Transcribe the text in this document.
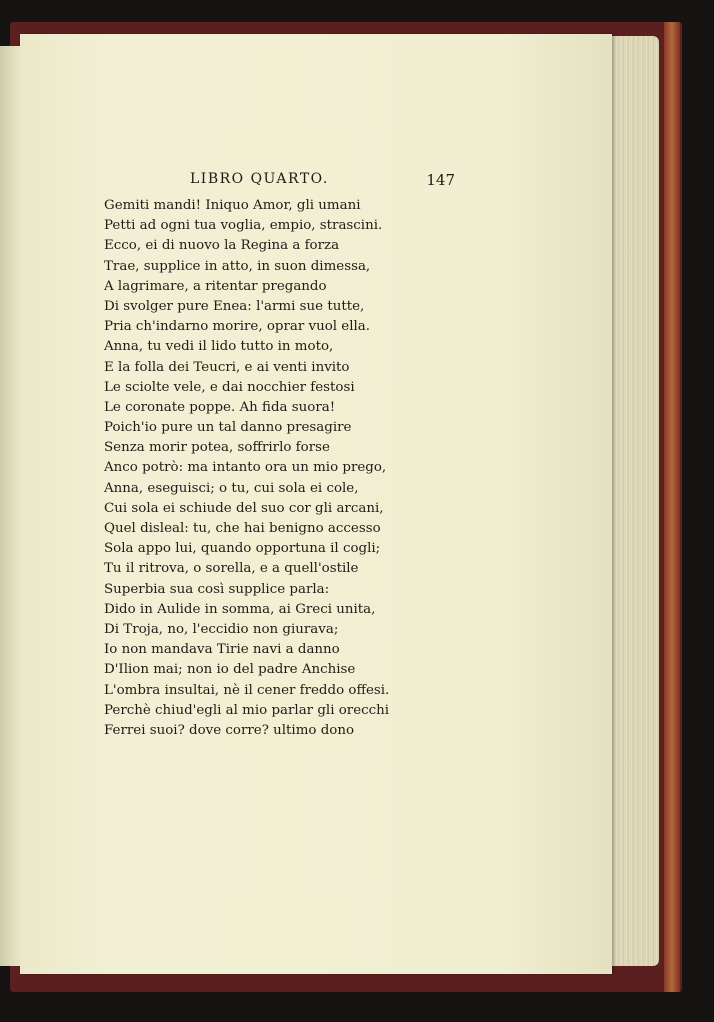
LIBRO QUARTO.	147
Gemiti mandi! Iniquo Amor, gli umani
Petti ad ogni tua voglia, empio, strascini.
Ecco, ei di nuovo la Regina a forza
Trae, supplice in atto, in suon dimessa,
A lagrimare, a ritentar pregando
Di svolger pure Enea: l'armi sue tutte,
Pria ch'indarno morire, oprar vuol ella.
Anna, tu vedi il lido tutto in moto,
E la folla dei Teucri, e ai venti invito
Le sciolte vele, e dai nocchier festosi
Le coronate poppe. Ah fida suora!
Poich'io pure un tal danno presagire
Senza morir potea, soffrirlo forse
Anco potrò: ma intanto ora un mio prego,
Anna, eseguisci; o tu, cui sola ei cole,
Cui sola ei schiude del suo cor gli arcani,
Quel disleal: tu, che hai benigno accesso
Sola appo lui, quando opportuna il cogli;
Tu il ritrova, o sorella, e a quell'ostile
Superbia sua così supplice parla:
Dido in Aulide in somma, ai Greci unita,
Di Troja, no, l'eccidio non giurava;
Io non mandava Tirie navi a danno
D'Ilion mai; non io del padre Anchise
L'ombra insultai, nè il cener freddo offesi.
Perchè chiud'egli al mio parlar gli orecchi
Ferrei suoi? dove corre? ultimo dono
